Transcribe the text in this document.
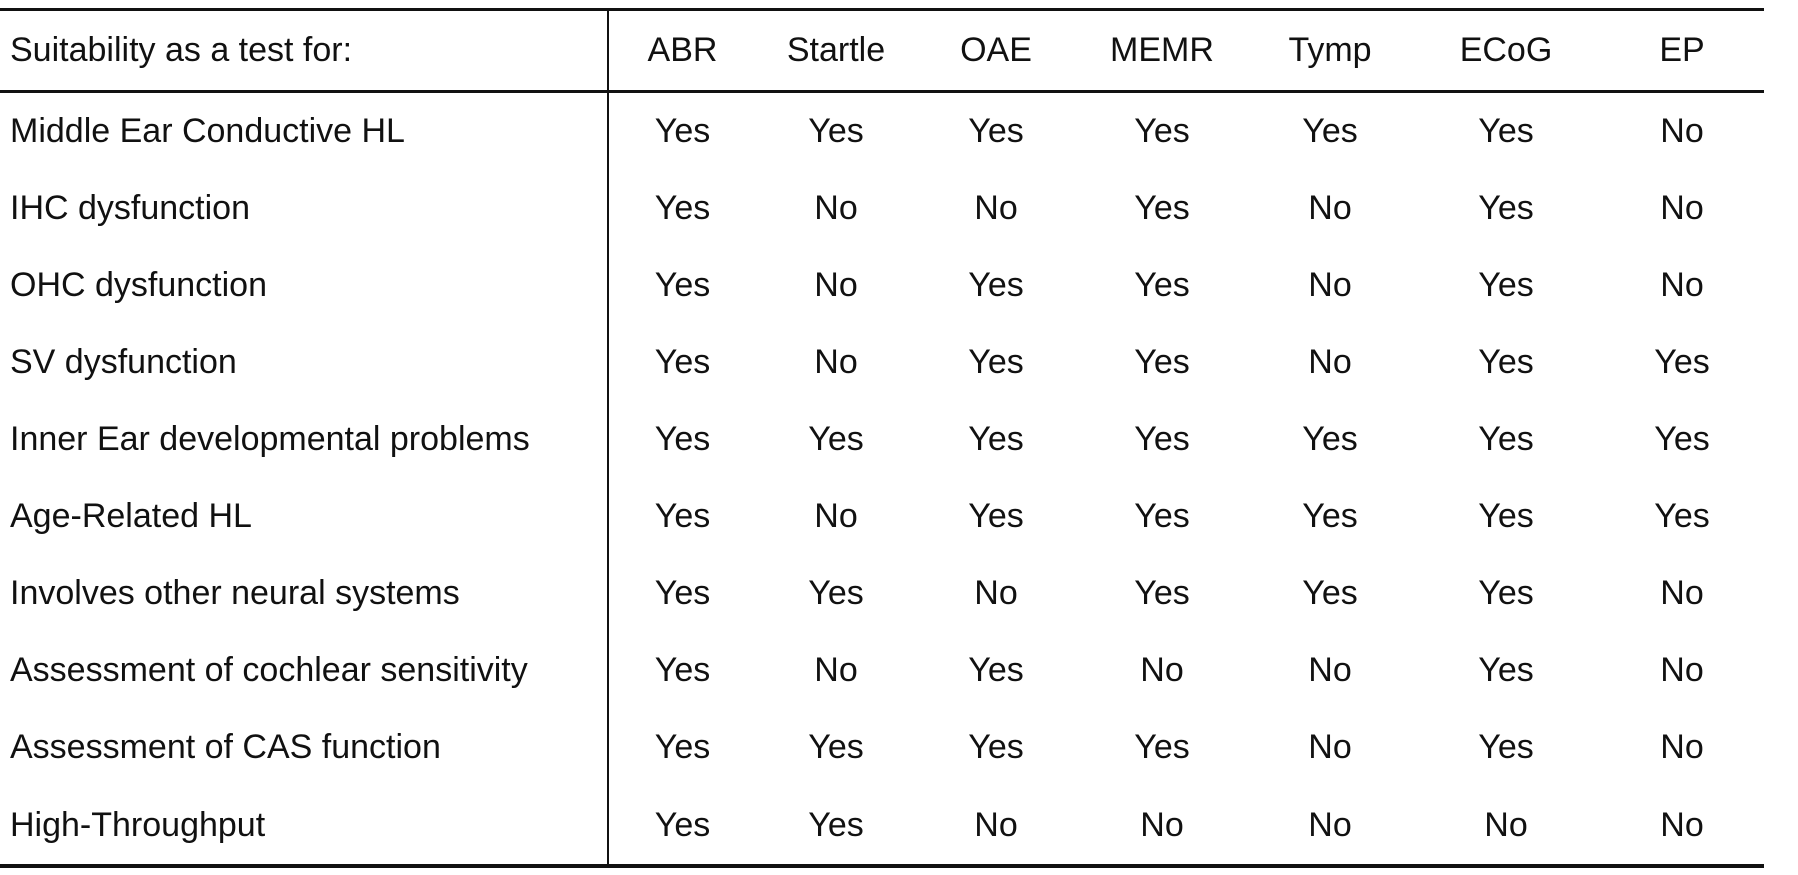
Suitability as a test for:	ABR	Startle	OAE	MEMR	Tymp	ECoG	EP
Middle Ear Conductive HL	Yes	Yes	Yes	Yes	Yes	Yes	No
IHC dysfunction	Yes	No	No	Yes	No	Yes	No
OHC dysfunction	Yes	No	Yes	Yes	No	Yes	No
SV dysfunction	Yes	No	Yes	Yes	No	Yes	Yes
Inner Ear developmental problems	Yes	Yes	Yes	Yes	Yes	Yes	Yes
Age-Related HL	Yes	No	Yes	Yes	Yes	Yes	Yes
Involves other neural systems	Yes	Yes	No	Yes	Yes	Yes	No
Assessment of cochlear sensitivity	Yes	No	Yes	No	No	Yes	No
Assessment of CAS function	Yes	Yes	Yes	Yes	No	Yes	No
High-Throughput	Yes	Yes	No	No	No	No	No
